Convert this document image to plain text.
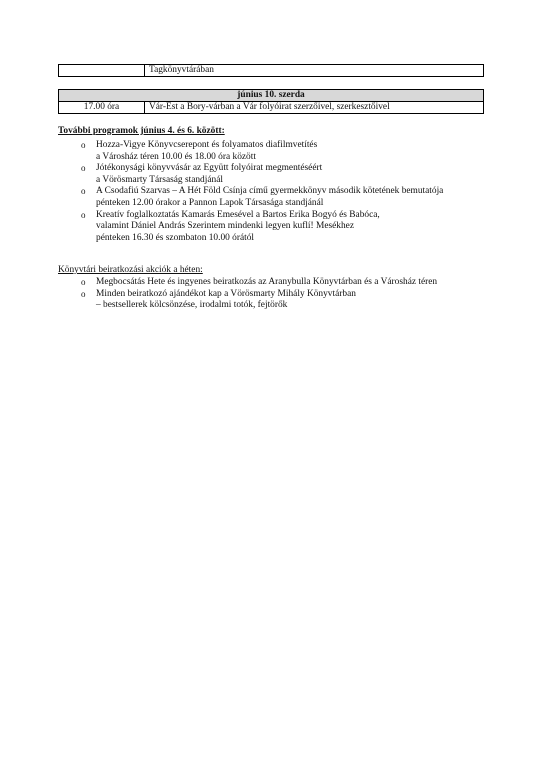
	Tagkönyvtárában
június 10. szerda
17.00 óra	Vár-Est a Bory-várban a Vár folyóirat szerzőivel, szerkesztőivel
További programok június 4. és 6. között:
o Hozza-Vigye Könyvcserepont és folyamatos diafilmvetítés
a Városház téren 10.00 és 18.00 óra között
o Jótékonysági könyvvásár az Együtt folyóirat megmentéséért
a Vörösmarty Társaság standjánál
o A Csodafiú Szarvas – A Hét Föld Csínja című gyermekkönyv második kötetének bemutatója
pénteken 12.00 órakor a Pannon Lapok Társasága standjánál
o Kreatív foglalkoztatás Kamarás Emesével a Bartos Erika Bogyó és Babóca,
valamint Dániel András Szerintem mindenki legyen kuflí! Mesékhez
pénteken 16.30 és szombaton 10.00 órától
Könyvtári beiratkozási akciók a héten:
o Megbocsátás Hete és ingyenes beiratkozás az Aranybulla Könyvtárban és a Városház téren
o Minden beiratkozó ajándékot kap a Vörösmarty Mihály Könyvtárban
– bestsellerek kölcsönzése, irodalmi totók, fejtörők
